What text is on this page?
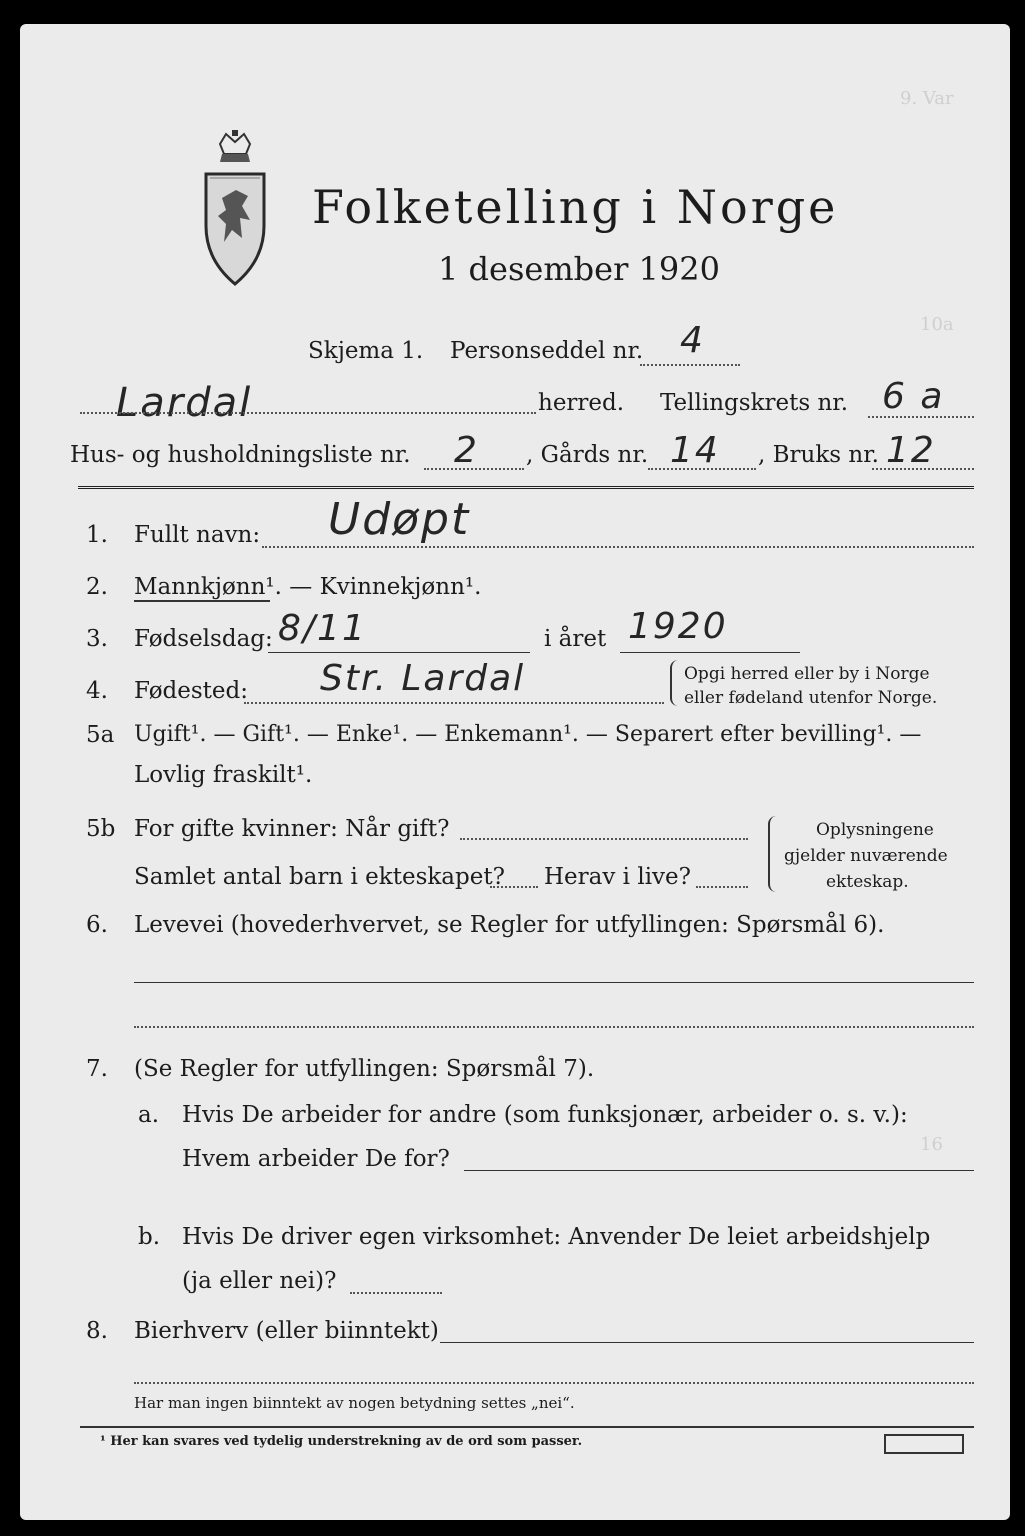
9. Var
10a
16
Folketelling i Norge
1 desember 1920
Skjema 1. Personseddel nr. 4
Lardal	herred. Tellingskrets nr. 6 a
Hus- og husholdningsliste nr. 2 , Gårds nr. 14 , Bruks nr. 12
1. Fullt navn: Udøpt
2. Mannkjønn¹. — Kvinnekjønn¹.
3. Fødselsdag: 8/11	i året 1920
4. Fødested: Str. Lardal	Opgi herred eller by i Norge
eller fødeland utenfor Norge.
5a Ugift¹. — Gift¹. — Enke¹. — Enkemann¹. — Separert efter bevilling¹. —
Lovlig fraskilt¹.
5b For gifte kvinner: Når gift?
Samlet antal barn i ekteskapet? Herav i live?
Oplysningene
gjelder nuværende
ekteskap.
6. Levevei (hovederhvervet, se Regler for utfyllingen: Spørsmål 6).
7. (Se Regler for utfyllingen: Spørsmål 7).
a. Hvis De arbeider for andre (som funksjonær, arbeider o. s. v.):
Hvem arbeider De for?
b. Hvis De driver egen virksomhet: Anvender De leiet arbeidshjelp
(ja eller nei)?
8. Bierhverv (eller biinntekt)
Har man ingen biinntekt av nogen betydning settes „nei“.
¹ Her kan svares ved tydelig understrekning av de ord som passer.
